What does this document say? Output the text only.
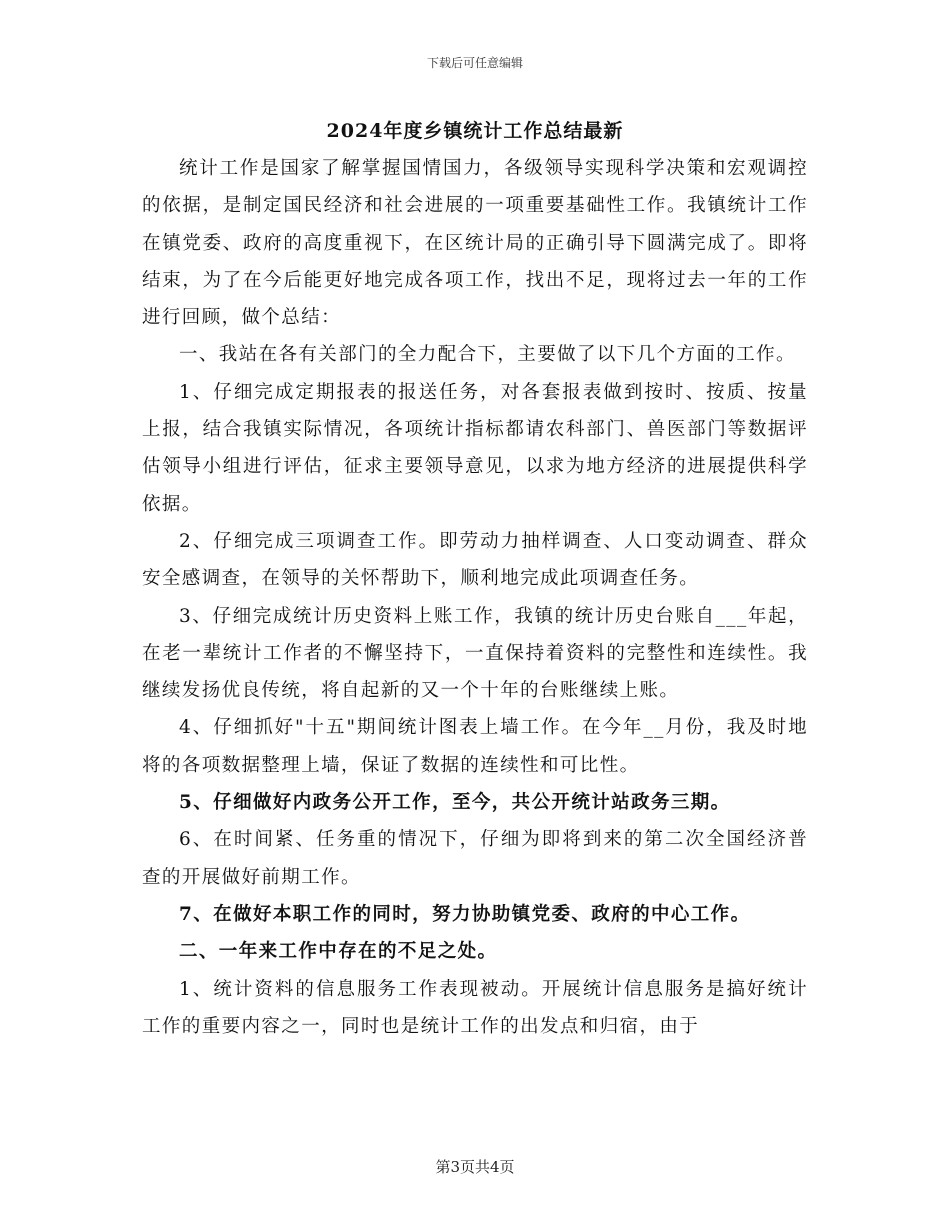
下载后可任意编辑
2024年度乡镇统计工作总结最新

统计工作是国家了解掌握国情国力，各级领导实现科学决策和宏观调控的依据，是制定国民经济和社会进展的一项重要基础性工作。我镇统计工作在镇党委、政府的高度重视下，在区统计局的正确引导下圆满完成了。即将结束，为了在今后能更好地完成各项工作，找出不足，现将过去一年的工作进行回顾，做个总结：

一、我站在各有关部门的全力配合下，主要做了以下几个方面的工作。

1、仔细完成定期报表的报送任务，对各套报表做到按时、按质、按量上报，结合我镇实际情况，各项统计指标都请农科部门、兽医部门等数据评估领导小组进行评估，征求主要领导意见，以求为地方经济的进展提供科学依据。

2、仔细完成三项调查工作。即劳动力抽样调查、人口变动调查、群众安全感调查，在领导的关怀帮助下，顺利地完成此项调查任务。

3、仔细完成统计历史资料上账工作，我镇的统计历史台账自___年起，在老一辈统计工作者的不懈坚持下，一直保持着资料的完整性和连续性。我继续发扬优良传统，将自起新的又一个十年的台账继续上账。

4、仔细抓好"十五"期间统计图表上墙工作。在今年__月份，我及时地将的各项数据整理上墙，保证了数据的连续性和可比性。

5、仔细做好内政务公开工作，至今，共公开统计站政务三期。

6、在时间紧、任务重的情况下，仔细为即将到来的第二次全国经济普查的开展做好前期工作。

7、在做好本职工作的同时，努力协助镇党委、政府的中心工作。

二、一年来工作中存在的不足之处。

1、统计资料的信息服务工作表现被动。开展统计信息服务是搞好统计工作的重要内容之一，同时也是统计工作的出发点和归宿，由于

第3页共4页
